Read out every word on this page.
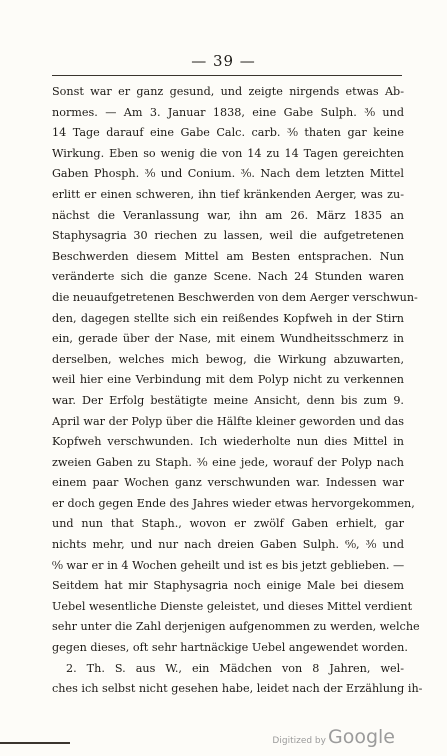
— 39 —
Sonst war er ganz gesund, und zeigte nirgends etwas Ab-
normes. — Am 3. Januar 1838, eine Gabe Sulph. ³⁄₀ und
14 Tage darauf eine Gabe Calc. carb. ³⁄₀ thaten gar keine
Wirkung. Eben so wenig die von 14 zu 14 Tagen gereichten
Gaben Phosph. ³⁄₀ und Conium. ³⁄₀. Nach dem letzten Mittel
erlitt er einen schweren, ihn tief kränkenden Aerger, was zu-
nächst die Veranlassung war, ihn am 26. März 1835 an
Staphysagria 30 riechen zu lassen, weil die aufgetretenen
Beschwerden diesem Mittel am Besten entsprachen. Nun
veränderte sich die ganze Scene. Nach 24 Stunden waren
die neuaufgetretenen Beschwerden von dem Aerger verschwun-
den, dagegen stellte sich ein reißendes Kopfweh in der Stirn
ein, gerade über der Nase, mit einem Wundheitsschmerz in
derselben, welches mich bewog, die Wirkung abzuwarten,
weil hier eine Verbindung mit dem Polyp nicht zu verkennen
war. Der Erfolg bestätigte meine Ansicht, denn bis zum 9.
April war der Polyp über die Hälfte kleiner geworden und das
Kopfweh verschwunden. Ich wiederholte nun dies Mittel in
zweien Gaben zu Staph. ³⁄₀ eine jede, worauf der Polyp nach
einem paar Wochen ganz verschwunden war. Indessen war
er doch gegen Ende des Jahres wieder etwas hervorgekommen,
und nun that Staph., wovon er zwölf Gaben erhielt, gar
nichts mehr, und nur nach dreien Gaben Sulph. ⁶⁄₀, ³⁄₀ und
⁰⁄₀ war er in 4 Wochen geheilt und ist es bis jetzt geblieben. —
Seitdem hat mir Staphysagria noch einige Male bei diesem
Uebel wesentliche Dienste geleistet, und dieses Mittel verdient
sehr unter die Zahl derjenigen aufgenommen zu werden, welche
gegen dieses, oft sehr hartnäckige Uebel angewendet worden.
2. Th. S. aus W., ein Mädchen von 8 Jahren, wel-
ches ich selbst nicht gesehen habe, leidet nach der Erzählung ih-
Digitized by Google
